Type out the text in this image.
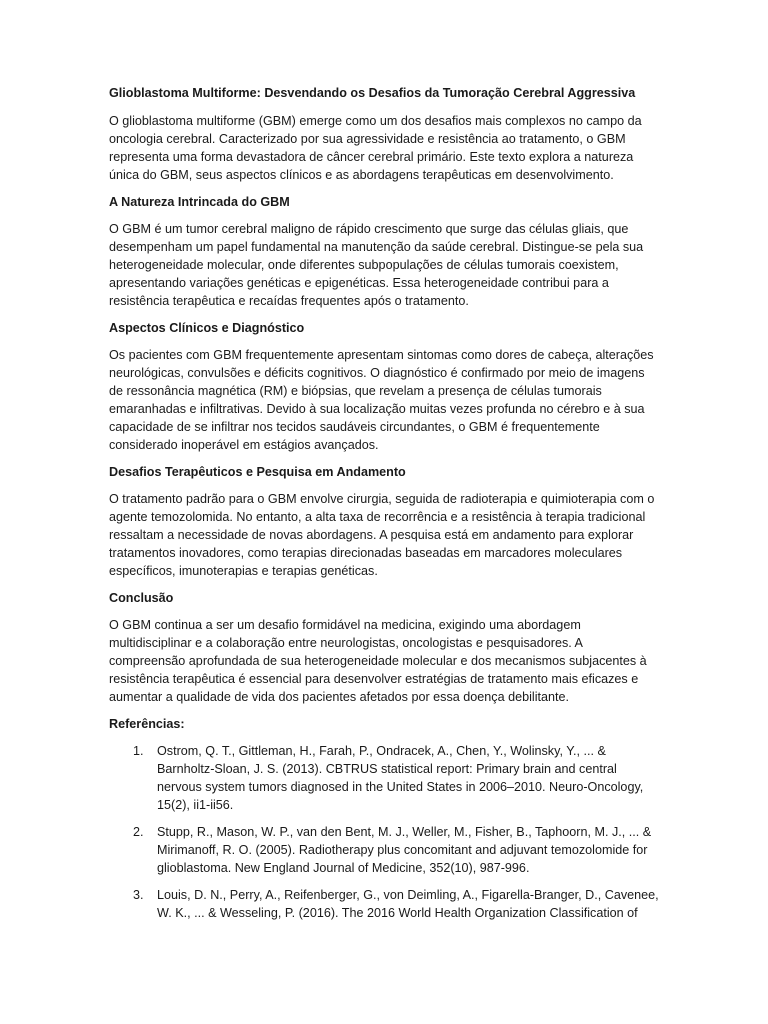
Glioblastoma Multiforme: Desvendando os Desafios da Tumoração Cerebral Aggressiva

O glioblastoma multiforme (GBM) emerge como um dos desafios mais complexos no campo da oncologia cerebral. Caracterizado por sua agressividade e resistência ao tratamento, o GBM representa uma forma devastadora de câncer cerebral primário. Este texto explora a natureza única do GBM, seus aspectos clínicos e as abordagens terapêuticas em desenvolvimento.

A Natureza Intrincada do GBM

O GBM é um tumor cerebral maligno de rápido crescimento que surge das células gliais, que desempenham um papel fundamental na manutenção da saúde cerebral. Distingue-se pela sua heterogeneidade molecular, onde diferentes subpopulações de células tumorais coexistem, apresentando variações genéticas e epigenéticas. Essa heterogeneidade contribui para a resistência terapêutica e recaídas frequentes após o tratamento.

Aspectos Clínicos e Diagnóstico

Os pacientes com GBM frequentemente apresentam sintomas como dores de cabeça, alterações neurológicas, convulsões e déficits cognitivos. O diagnóstico é confirmado por meio de imagens de ressonância magnética (RM) e biópsias, que revelam a presença de células tumorais emaranhadas e infiltrativas. Devido à sua localização muitas vezes profunda no cérebro e à sua capacidade de se infiltrar nos tecidos saudáveis circundantes, o GBM é frequentemente considerado inoperável em estágios avançados.

Desafios Terapêuticos e Pesquisa em Andamento

O tratamento padrão para o GBM envolve cirurgia, seguida de radioterapia e quimioterapia com o agente temozolomida. No entanto, a alta taxa de recorrência e a resistência à terapia tradicional ressaltam a necessidade de novas abordagens. A pesquisa está em andamento para explorar tratamentos inovadores, como terapias direcionadas baseadas em marcadores moleculares específicos, imunoterapias e terapias genéticas.

Conclusão

O GBM continua a ser um desafio formidável na medicina, exigindo uma abordagem multidisciplinar e a colaboração entre neurologistas, oncologistas e pesquisadores. A compreensão aprofundada de sua heterogeneidade molecular e dos mecanismos subjacentes à resistência terapêutica é essencial para desenvolver estratégias de tratamento mais eficazes e aumentar a qualidade de vida dos pacientes afetados por essa doença debilitante.

Referências:
1. Ostrom, Q. T., Gittleman, H., Farah, P., Ondracek, A., Chen, Y., Wolinsky, Y., ... & Barnholtz-Sloan, J. S. (2013). CBTRUS statistical report: Primary brain and central nervous system tumors diagnosed in the United States in 2006–2010. Neuro-Oncology, 15(2), ii1-ii56.
2. Stupp, R., Mason, W. P., van den Bent, M. J., Weller, M., Fisher, B., Taphoorn, M. J., ... & Mirimanoff, R. O. (2005). Radiotherapy plus concomitant and adjuvant temozolomide for glioblastoma. New England Journal of Medicine, 352(10), 987-996.
3. Louis, D. N., Perry, A., Reifenberger, G., von Deimling, A., Figarella-Branger, D., Cavenee, W. K., ... & Wesseling, P. (2016). The 2016 World Health Organization Classification of
